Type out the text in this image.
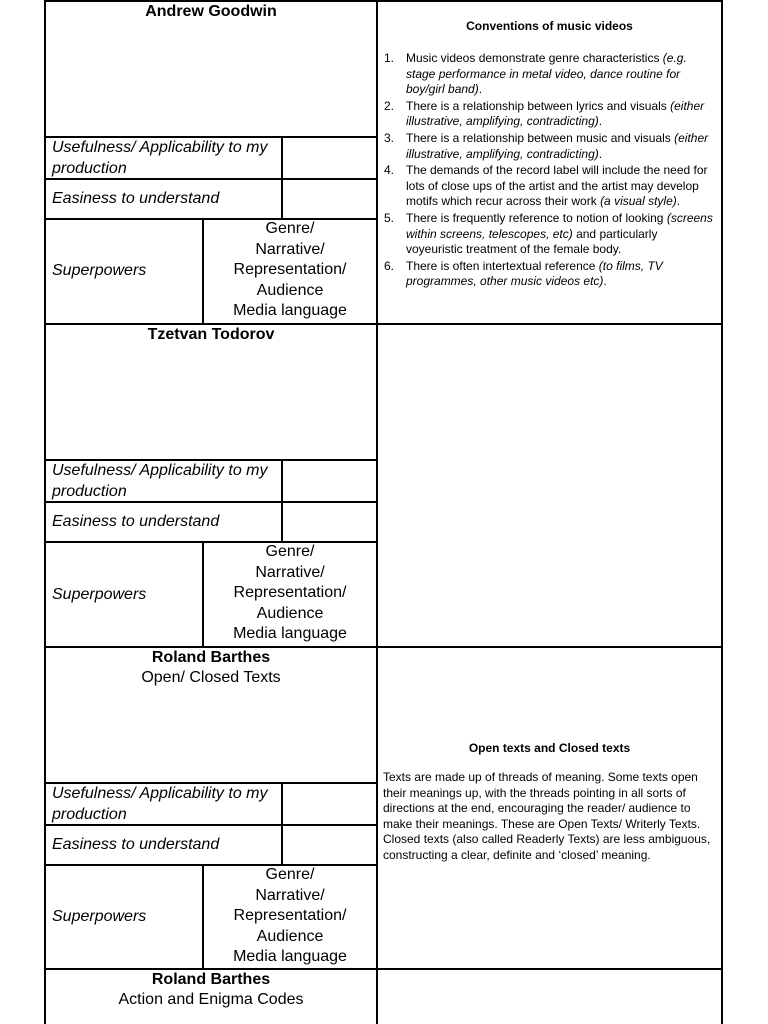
Andrew Goodwin
Usefulness/ Applicability to my production
Easiness to understand
Superpowers
Genre/
Narrative/
Representation/
Audience
Media language
Conventions of music videos
1. Music videos demonstrate genre characteristics (e.g. stage performance in metal video, dance routine for boy/girl band).
2. There is a relationship between lyrics and visuals (either illustrative, amplifying, contradicting).
3. There is a relationship between music and visuals (either illustrative, amplifying, contradicting).
4. The demands of the record label will include the need for lots of close ups of the artist and the artist may develop motifs which recur across their work (a visual style).
5. There is frequently reference to notion of looking (screens within screens, telescopes, etc) and particularly voyeuristic treatment of the female body.
6. There is often intertextual reference (to films, TV programmes, other music videos etc).
Tzetvan Todorov
Usefulness/ Applicability to my production
Easiness to understand
Superpowers
Genre/
Narrative/
Representation/
Audience
Media language
Roland Barthes
Open/ Closed Texts
Usefulness/ Applicability to my production
Easiness to understand
Superpowers
Genre/
Narrative/
Representation/
Audience
Media language
Open texts and Closed texts
Texts are made up of threads of meaning. Some texts open their meanings up, with the threads pointing in all sorts of directions at the end, encouraging the reader/ audience to make their meanings. These are Open Texts/ Writerly Texts. Closed texts (also called Readerly Texts) are less ambiguous, constructing a clear, definite and ‘closed’ meaning.
Roland Barthes
Action and Enigma Codes
